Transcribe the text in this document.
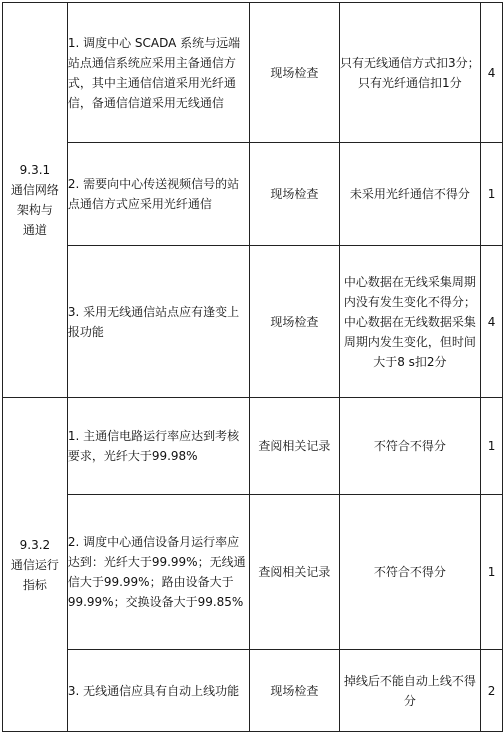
9.3.1
通信网络
架构与
通道	1. 调度中心 SCADA 系统与远端站点通信系统应采用主备通信方式，其中主通信信道采用光纤通信，备通信信道采用无线通信	现场检查	只有无线通信方式扣3分；只有光纤通信扣1分	4
	2. 需要向中心传送视频信号的站点通信方式应采用光纤通信	现场检查	未采用光纤通信不得分	1
	3. 采用无线通信站点应有逢变上报功能	现场检查	中心数据在无线采集周期内没有发生变化不得分；中心数据在无线数据采集周期内发生变化，但时间大于8 s扣2分	4

9.3.2
通信运行
指标	1. 主通信电路运行率应达到考核要求，光纤大于99.98%	查阅相关记录	不符合不得分	1
	2. 调度中心通信设备月运行率应达到：光纤大于99.99%；无线通信大于99.99%；路由设备大于99.99%；交换设备大于99.85%	查阅相关记录	不符合不得分	1
	3. 无线通信应具有自动上线功能	现场检查	掉线后不能自动上线不得分	2
